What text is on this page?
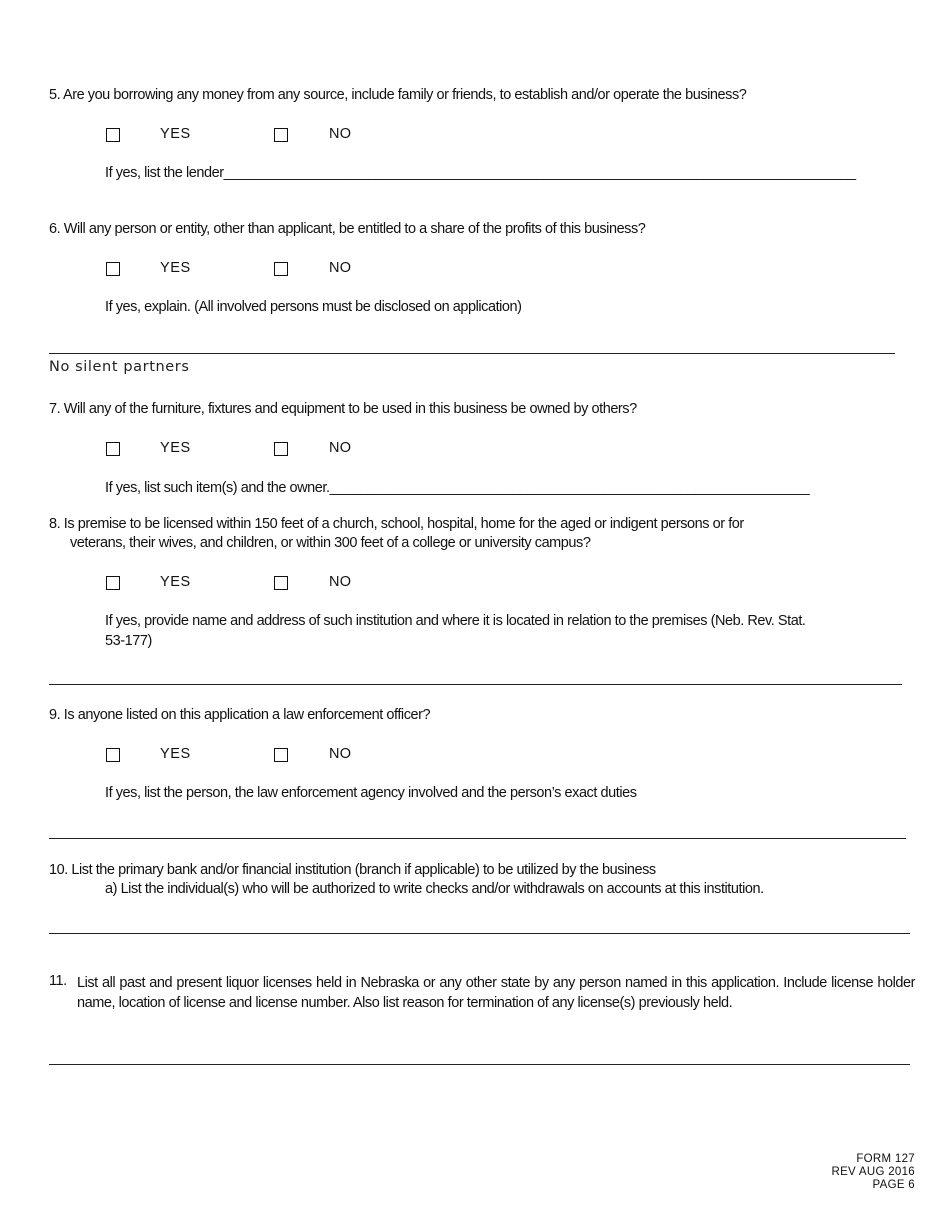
5. Are you borrowing any money from any source, include family or friends, to establish and/or operate the business?
YES	NO
If yes, list the lender___________________________________________________________________________________
6. Will any person or entity, other than applicant, be entitled to a share of the profits of this business?
YES	NO
If yes, explain. (All involved persons must be disclosed on application)
No silent partners
7. Will any of the furniture, fixtures and equipment to be used in this business be owned by others?
YES	NO
If yes, list such item(s) and the owner._______________________________________________________________
8. Is premise to be licensed within 150 feet of a church, school, hospital, home for the aged or indigent persons or for
veterans, their wives, and children, or within 300 feet of a college or university campus?
YES	NO
If yes, provide name and address of such institution and where it is located in relation to the premises (Neb. Rev. Stat.
53-177)
9. Is anyone listed on this application a law enforcement officer?
YES	NO
If yes, list the person, the law enforcement agency involved and the person’s exact duties
10. List the primary bank and/or financial institution (branch if applicable) to be utilized by the business
a) List the individual(s) who will be authorized to write checks and/or withdrawals on accounts at this institution.
11. List all past and present liquor licenses held in Nebraska or any other state by any person named in this application. Include license holder name, location of license and license number. Also list reason for termination of any license(s) previously held.
FORM 127
REV AUG 2016
PAGE 6
